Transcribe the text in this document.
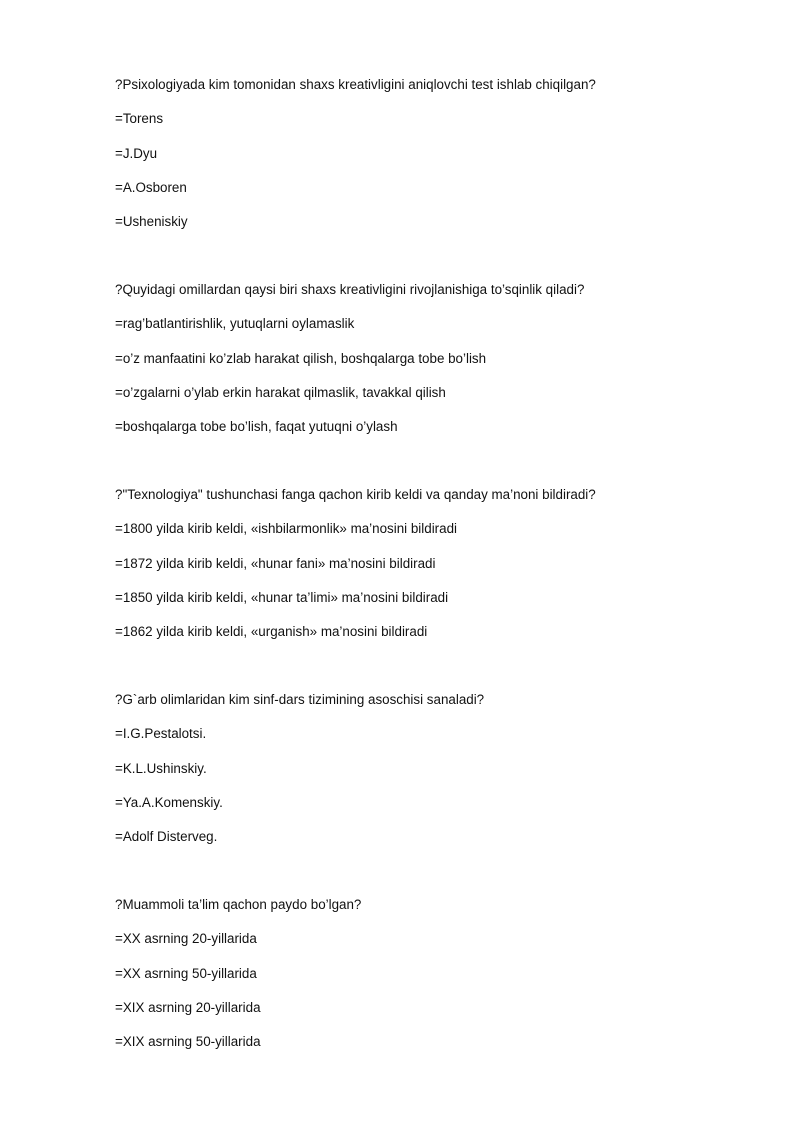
?Psixologiyada kim tomonidan shaxs kreativligini aniqlovchi test ishlab chiqilgan?
=Torens
=J.Dyu
=A.Osboren
=Usheniskiy
?Quyidagi omillardan qaysi biri shaxs kreativligini rivojlanishiga to’sqinlik qiladi?
=rag’batlantirishlik, yutuqlarni oylamaslik
=o’z manfaatini ko’zlab harakat qilish, boshqalarga tobe bo’lish
=o’zgalarni o’ylab erkin harakat qilmaslik, tavakkal qilish
=boshqalarga tobe bo’lish, faqat yutuqni o’ylash
?"Texnologiya" tushunchasi fanga qachon kirib keldi va qanday ma’noni bildiradi?
=1800 yilda kirib keldi, «ishbilarmonlik» ma’nosini bildiradi
=1872 yilda kirib keldi, «hunar fani» ma’nosini bildiradi
=1850 yilda kirib keldi, «hunar ta’limi» ma’nosini bildiradi
=1862 yilda kirib keldi, «urganish» ma’nosini bildiradi
?G`arb olimlaridan kim sinf-dars tizimining asoschisi sanaladi?
=I.G.Pestalotsi.
=K.L.Ushinskiy.
=Ya.A.Komenskiy.
=Adolf Disterveg.
?Muammoli ta’lim qachon paydo bo’lgan?
=XX asrning 20-yillarida
=XX asrning 50-yillarida
=XIX asrning 20-yillarida
=XIX asrning 50-yillarida
